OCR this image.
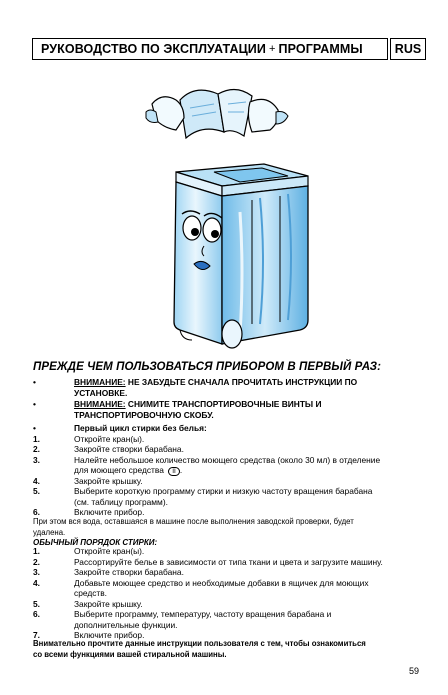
РУКОВОДСТВО ПО ЭКСПЛУАТАЦИИ + ПРОГРАММЫ	RUS
ПРЕЖДЕ ЧЕМ ПОЛЬЗОВАТЬСЯ ПРИБОРОМ В ПЕРВЫЙ РАЗ:
•	ВНИМАНИЕ: НЕ ЗАБУДЬТЕ СНАЧАЛА ПРОЧИТАТЬ ИНСТРУКЦИИ ПО
УСТАНОВКЕ.
•	ВНИМАНИЕ: СНИМИТЕ ТРАНСПОРТИРОВОЧНЫЕ ВИНТЫ И
ТРАНСПОРТИРОВОЧНУЮ СКОБУ.
•	Первый цикл стирки без белья:
1.	Откройте кран(ы).
2.	Закройте створки барабана.
3.	Налейте небольшое количество моющего средства (около 30 мл) в отделение
для моющего средства II .
4.	Закройте крышку.
5.	Выберите короткую программу стирки и низкую частоту вращения барабана
(см. таблицу программ).
6.	Включите прибор.
При этом вся вода, оставшаяся в машине после выполнения заводской проверки, будет
удалена.
ОБЫЧНЫЙ ПОРЯДОК СТИРКИ:
1.	Откройте кран(ы).
2.	Рассортируйте белье в зависимости от типа ткани и цвета и загрузите машину.
3.	Закройте створки барабана.
4.	Добавьте моющее средство и необходимые добавки в ящичек для моющих
средств.
5.	Закройте крышку.
6.	Выберите программу, температуру, частоту вращения барабана и
дополнительные функции.
7.	Включите прибор.
Внимательно прочтите данные инструкции пользователя с тем, чтобы ознакомиться
со всеми функциями вашей стиральной машины.
59
